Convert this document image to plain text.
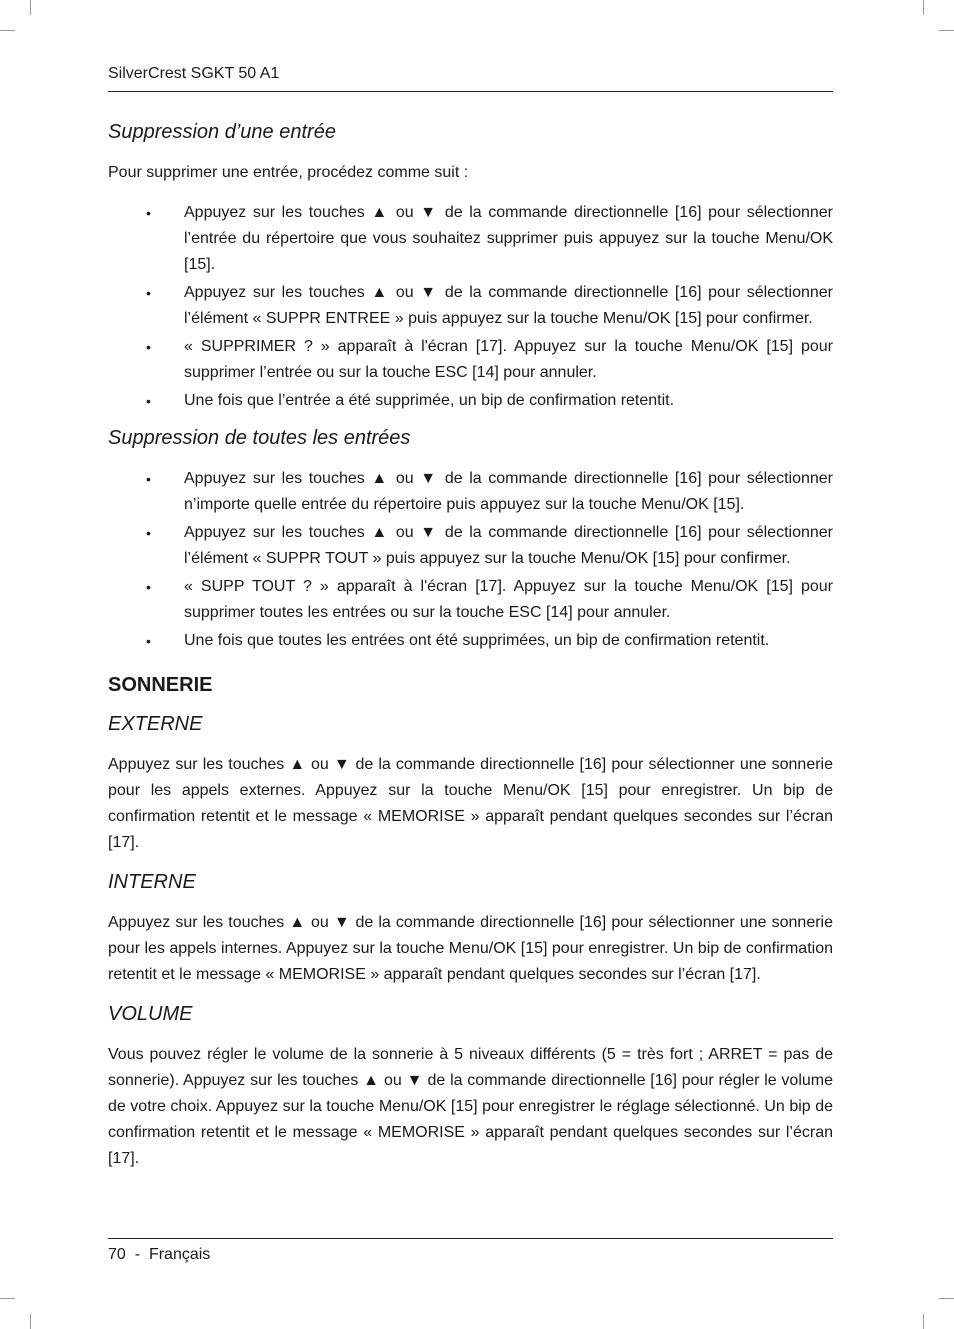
SilverCrest SGKT 50 A1
Suppression d’une entrée

Pour supprimer une entrée, procédez comme suit :

• Appuyez sur les touches ▲ ou ▼ de la commande directionnelle [16] pour sélectionner l’entrée du répertoire que vous souhaitez supprimer puis appuyez sur la touche Menu/OK [15].
• Appuyez sur les touches ▲ ou ▼ de la commande directionnelle [16] pour sélectionner l’élément « SUPPR ENTREE » puis appuyez sur la touche Menu/OK [15] pour confirmer.
• « SUPPRIMER ? » apparaît à l'écran [17]. Appuyez sur la touche Menu/OK [15] pour supprimer l’entrée ou sur la touche ESC [14] pour annuler.
• Une fois que l’entrée a été supprimée, un bip de confirmation retentit.
Suppression de toutes les entrées
• Appuyez sur les touches ▲ ou ▼ de la commande directionnelle [16] pour sélectionner n’importe quelle entrée du répertoire puis appuyez sur la touche Menu/OK [15].
• Appuyez sur les touches ▲ ou ▼ de la commande directionnelle [16] pour sélectionner l’élément « SUPPR TOUT » puis appuyez sur la touche Menu/OK [15] pour confirmer.
• « SUPP TOUT ? » apparaît à l'écran [17]. Appuyez sur la touche Menu/OK [15] pour supprimer toutes les entrées ou sur la touche ESC [14] pour annuler.
• Une fois que toutes les entrées ont été supprimées, un bip de confirmation retentit.
SONNERIE
EXTERNE

Appuyez sur les touches ▲ ou ▼ de la commande directionnelle [16] pour sélectionner une sonnerie pour les appels externes. Appuyez sur la touche Menu/OK [15] pour enregistrer. Un bip de confirmation retentit et le message « MEMORISE » apparaît pendant quelques secondes sur l’écran [17].

INTERNE

Appuyez sur les touches ▲ ou ▼ de la commande directionnelle [16] pour sélectionner une sonnerie pour les appels internes. Appuyez sur la touche Menu/OK [15] pour enregistrer. Un bip de confirmation retentit et le message « MEMORISE » apparaît pendant quelques secondes sur l’écran [17].

VOLUME

Vous pouvez régler le volume de la sonnerie à 5 niveaux différents (5 = très fort ; ARRET = pas de sonnerie). Appuyez sur les touches ▲ ou ▼ de la commande directionnelle [16] pour régler le volume de votre choix. Appuyez sur la touche Menu/OK [15] pour enregistrer le réglage sélectionné. Un bip de confirmation retentit et le message « MEMORISE » apparaît pendant quelques secondes sur l’écran [17].

70 - Français
